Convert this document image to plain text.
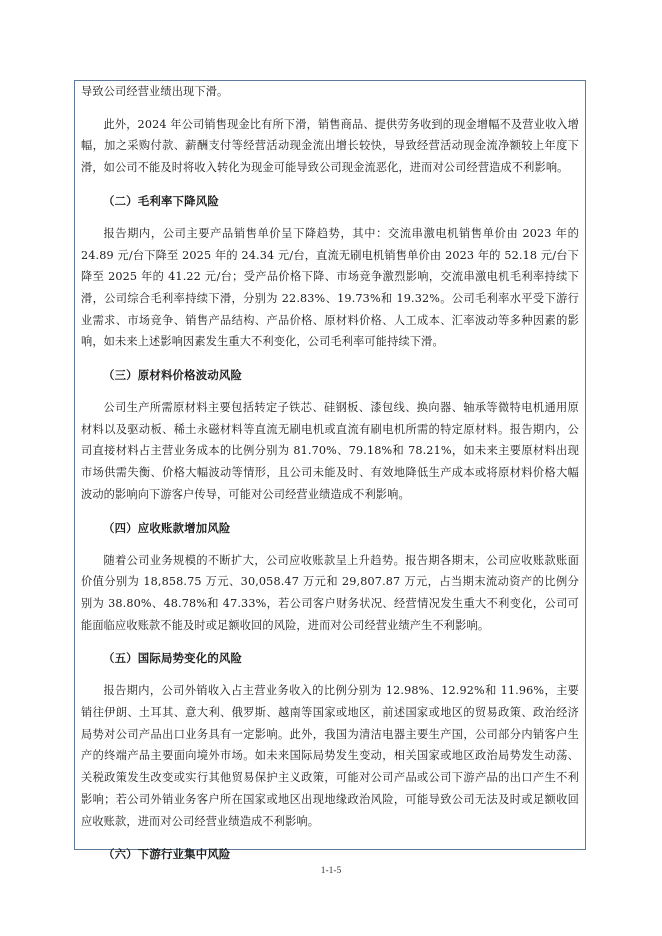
导致公司经营业绩出现下滑。

此外，2024 年公司销售现金比有所下滑，销售商品、提供劳务收到的现金增幅不及营业收入增幅，加之采购付款、薪酬支付等经营活动现金流出增长较快，导致经营活动现金流净额较上年度下滑，如公司不能及时将收入转化为现金可能导致公司现金流恶化，进而对公司经营造成不利影响。

（二）毛利率下降风险

报告期内，公司主要产品销售单价呈下降趋势，其中：交流串激电机销售单价由 2023 年的 24.89 元/台下降至 2025 年的 24.34 元/台，直流无刷电机销售单价由 2023 年的 52.18 元/台下降至 2025 年的 41.22 元/台；受产品价格下降、市场竞争激烈影响，交流串激电机毛利率持续下滑，公司综合毛利率持续下滑，分别为 22.83%、19.73%和 19.32%。公司毛利率水平受下游行业需求、市场竞争、销售产品结构、产品价格、原材料价格、人工成本、汇率波动等多种因素的影响，如未来上述影响因素发生重大不利变化，公司毛利率可能持续下滑。

（三）原材料价格波动风险

公司生产所需原材料主要包括转定子铁芯、硅钢板、漆包线、换向器、轴承等微特电机通用原材料以及驱动板、稀土永磁材料等直流无刷电机或直流有刷电机所需的特定原材料。报告期内，公司直接材料占主营业务成本的比例分别为 81.70%、79.18%和 78.21%，如未来主要原材料出现市场供需失衡、价格大幅波动等情形，且公司未能及时、有效地降低生产成本或将原材料价格大幅波动的影响向下游客户传导，可能对公司经营业绩造成不利影响。

（四）应收账款增加风险

随着公司业务规模的不断扩大，公司应收账款呈上升趋势。报告期各期末，公司应收账款账面价值分别为 18,858.75 万元、30,058.47 万元和 29,807.87 万元，占当期末流动资产的比例分别为 38.80%、48.78%和 47.33%，若公司客户财务状况、经营情况发生重大不利变化，公司可能面临应收账款不能及时或足额收回的风险，进而对公司经营业绩产生不利影响。

（五）国际局势变化的风险

报告期内，公司外销收入占主营业务收入的比例分别为 12.98%、12.92%和 11.96%，主要销往伊朗、土耳其、意大利、俄罗斯、越南等国家或地区，前述国家或地区的贸易政策、政治经济局势对公司产品出口业务具有一定影响。此外，我国为清洁电器主要生产国，公司部分内销客户生产的终端产品主要面向境外市场。如未来国际局势发生变动，相关国家或地区政治局势发生动荡、关税政策发生改变或实行其他贸易保护主义政策，可能对公司产品或公司下游产品的出口产生不利影响；若公司外销业务客户所在国家或地区出现地缘政治风险，可能导致公司无法及时或足额收回应收账款，进而对公司经营业绩造成不利影响。

（六）下游行业集中风险
1-1-5
